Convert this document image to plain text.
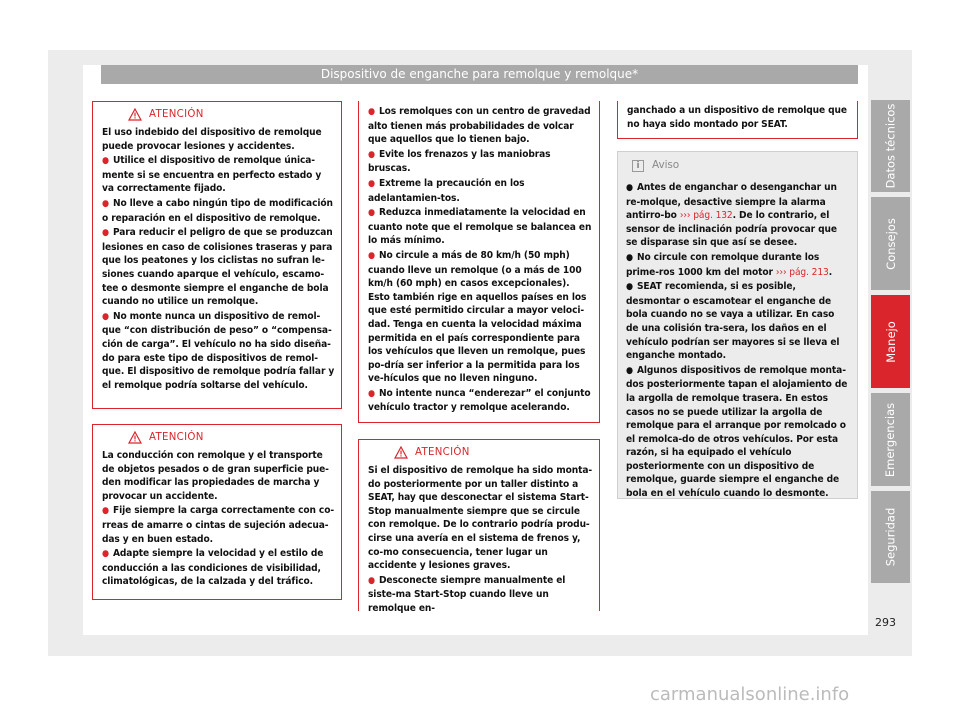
Dispositivo de enganche para remolque y remolque*
ATENCIÓN
El uso indebido del dispositivo de remolque puede provocar lesiones y accidentes.
● Utilice el dispositivo de remolque única-mente si se encuentra en perfecto estado y va correctamente fijado.
● No lleve a cabo ningún tipo de modificación o reparación en el dispositivo de remolque.
● Para reducir el peligro de que se produzcan lesiones en caso de colisiones traseras y para que los peatones y los ciclistas no sufran le-siones cuando aparque el vehículo, escamo-tee o desmonte siempre el enganche de bola cuando no utilice un remolque.
● No monte nunca un dispositivo de remol-que “con distribución de peso” o “compensa-ción de carga”. El vehículo no ha sido diseña-do para este tipo de dispositivos de remol-que. El dispositivo de remolque podría fallar y el remolque podría soltarse del vehículo.
ATENCIÓN
La conducción con remolque y el transporte de objetos pesados o de gran superficie pue-den modificar las propiedades de marcha y provocar un accidente.
● Fije siempre la carga correctamente con co-rreas de amarre o cintas de sujeción adecua-das y en buen estado.
● Adapte siempre la velocidad y el estilo de conducción a las condiciones de visibilidad, climatológicas, de la calzada y del tráfico.
● Los remolques con un centro de gravedad alto tienen más probabilidades de volcar que aquellos que lo tienen bajo.
● Evite los frenazos y las maniobras bruscas.
● Extreme la precaución en los adelantamien-tos.
● Reduzca inmediatamente la velocidad en cuanto note que el remolque se balancea en lo más mínimo.
● No circule a más de 80 km/h (50 mph) cuando lleve un remolque (o a más de 100 km/h (60 mph) en casos excepcionales). Esto también rige en aquellos países en los que esté permitido circular a mayor veloci-dad. Tenga en cuenta la velocidad máxima permitida en el país correspondiente para los vehículos que lleven un remolque, pues po-dría ser inferior a la permitida para los ve-hículos que no lleven ninguno.
● No intente nunca “enderezar” el conjunto vehículo tractor y remolque acelerando.
ATENCIÓN
Si el dispositivo de remolque ha sido monta-do posteriormente por un taller distinto a SEAT, hay que desconectar el sistema Start-Stop manualmente siempre que se circule con remolque. De lo contrario podría produ-cirse una avería en el sistema de frenos y, co-mo consecuencia, tener lugar un accidente y lesiones graves.
● Desconecte siempre manualmente el siste-ma Start-Stop cuando lleve un remolque en-
ganchado a un dispositivo de remolque que no haya sido montado por SEAT.
i	Aviso
● Antes de enganchar o desenganchar un re-molque, desactive siempre la alarma antirro-bo ››› pág. 132. De lo contrario, el sensor de inclinación podría provocar que se disparase sin que así se desee.
● No circule con remolque durante los prime-ros 1000 km del motor ››› pág. 213.
● SEAT recomienda, si es posible, desmontar o escamotear el enganche de bola cuando no se vaya a utilizar. En caso de una colisión tra-sera, los daños en el vehículo podrían ser mayores si se lleva el enganche montado.
● Algunos dispositivos de remolque monta-dos posteriormente tapan el alojamiento de la argolla de remolque trasera. En estos casos no se puede utilizar la argolla de remolque para el arranque por remolcado o el remolca-do de otros vehículos. Por esta razón, si ha equipado el vehículo posteriormente con un dispositivo de remolque, guarde siempre el enganche de bola en el vehículo cuando lo desmonte.
Datos técnicos
Consejos
Manejo
Emergencias
Seguridad
293
carmanualsonline.info
